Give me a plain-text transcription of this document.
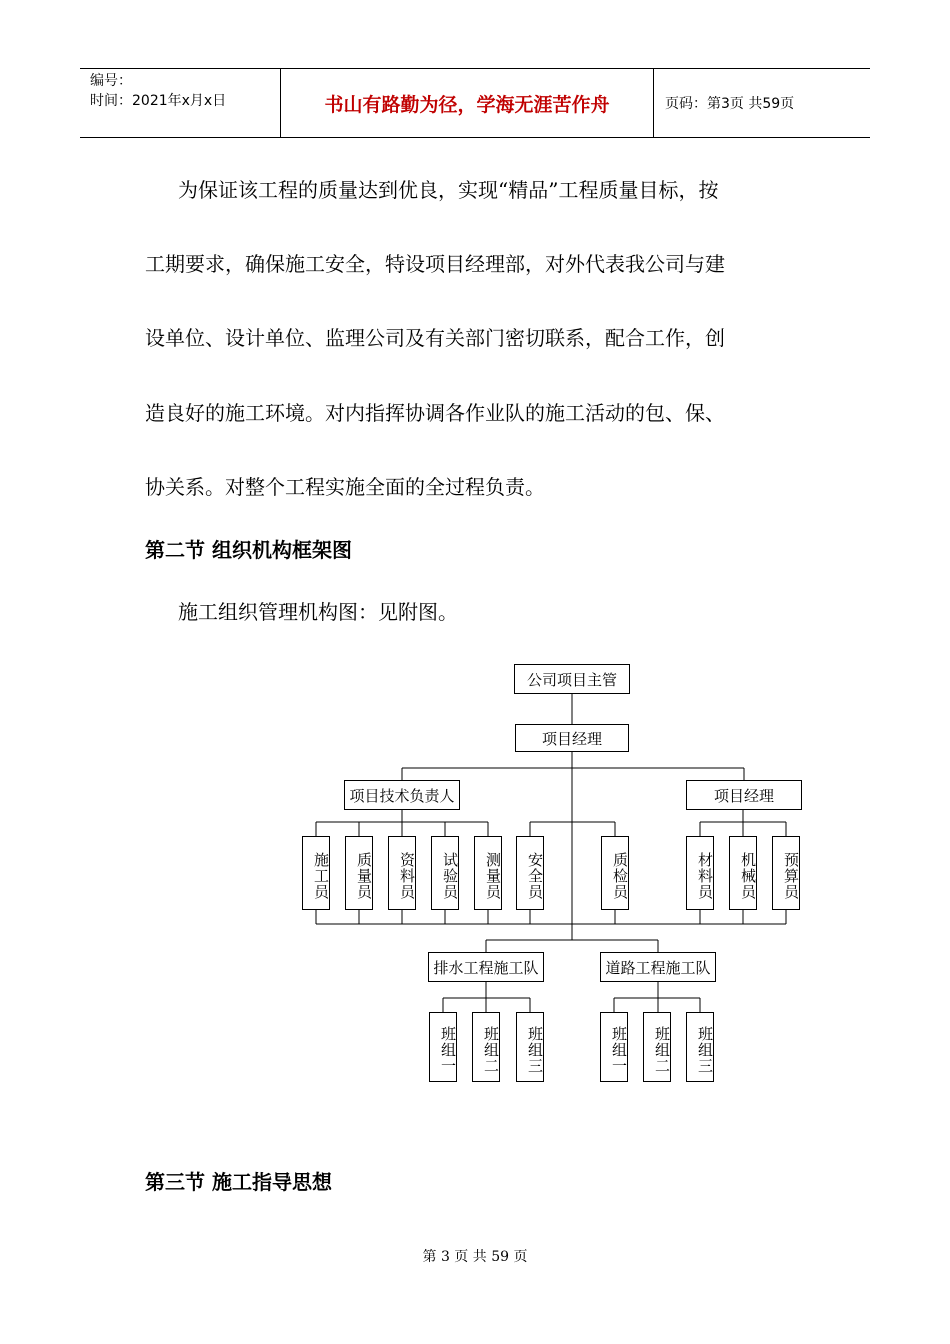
编号：
时间：2021年x月x日	书山有路勤为径，学海无涯苦作舟	页码：第3页 共59页
为保证该工程的质量达到优良，实现“精品”工程质量目标，按
工期要求，确保施工安全，特设项目经理部，对外代表我公司与建
设单位、设计单位、监理公司及有关部门密切联系，配合工作，创
造良好的施工环境。对内指挥协调各作业队的施工活动的包、保、
协关系。对整个工程实施全面的全过程负责。
第二节 组织机构框架图
施工组织管理机构图：见附图。
公司项目主管
项目经理
项目技术负责人	项目经理
施工员	质量员	资料员	试验员	测量员	安全员	质检员	材料员	机械员	预算员
排水工程施工队	道路工程施工队
班组一	班组二	班组三	班组一	班组二	班组三
第三节 施工指导思想
第 3 页 共 59 页
